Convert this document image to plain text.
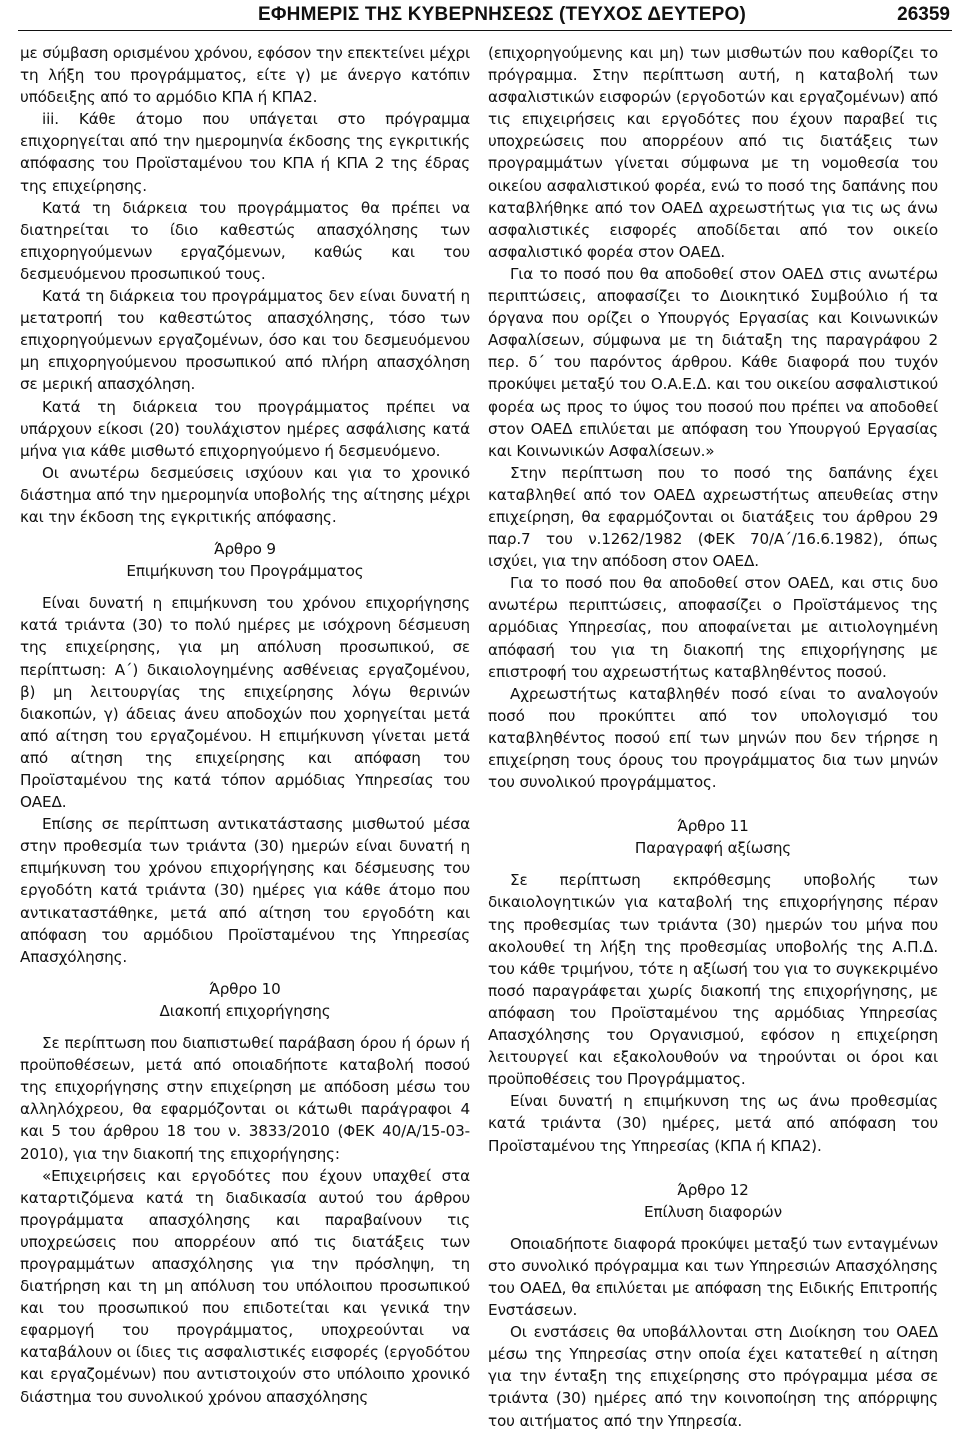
ΕΦΗΜΕΡΙΣ ΤΗΣ ΚΥΒΕΡΝΗΣΕΩΣ (ΤΕΥΧΟΣ ΔΕΥΤΕΡΟ)	26359

με σύμβαση ορισμένου χρόνου, εφόσον την επεκτείνει μέχρι τη λήξη του προγράμματος, είτε γ) με άνεργο κατόπιν υπόδειξης από το αρμόδιο ΚΠΑ ή ΚΠΑ2.

iii. Κάθε άτομο που υπάγεται στο πρόγραμμα επιχορηγείται από την ημερομηνία έκδοσης της εγκριτικής απόφασης του Προϊσταμένου του ΚΠΑ ή ΚΠΑ 2 της έδρας της επιχείρησης.

Κατά τη διάρκεια του προγράμματος θα πρέπει να διατηρείται το ίδιο καθεστώς απασχόλησης των επιχορηγούμενων εργαζόμενων, καθώς και του δεσμευόμενου προσωπικού τους.

Κατά τη διάρκεια του προγράμματος δεν είναι δυνατή η μετατροπή του καθεστώτος απασχόλησης, τόσο των επιχορηγούμενων εργαζομένων, όσο και του δεσμευόμενου μη επιχορηγούμενου προσωπικού από πλήρη απασχόληση σε μερική απασχόληση.

Κατά τη διάρκεια του προγράμματος πρέπει να υπάρχουν είκοσι (20) τουλάχιστον ημέρες ασφάλισης κατά μήνα για κάθε μισθωτό επιχορηγούμενο ή δεσμευόμενο.

Οι ανωτέρω δεσμεύσεις ισχύουν και για το χρονικό διάστημα από την ημερομηνία υποβολής της αίτησης μέχρι και την έκδοση της εγκριτικής απόφασης.

Άρθρο 9

Επιμήκυνση του Προγράμματος

Είναι δυνατή η επιμήκυνση του χρόνου επιχορήγησης κατά τριάντα (30) το πολύ ημέρες με ισόχρονη δέσμευση της επιχείρησης, για μη απόλυση προσωπικού, σε περίπτωση: Α΄) δικαιολογημένης ασθένειας εργαζομένου, β) μη λειτουργίας της επιχείρησης λόγω θερινών διακοπών, γ) άδειας άνευ αποδοχών που χορηγείται μετά από αίτηση του εργαζομένου. Η επιμήκυνση γίνεται μετά από αίτηση της επιχείρησης και απόφαση του Προϊσταμένου της κατά τόπον αρμόδιας Υπηρεσίας του ΟΑΕΔ.

Επίσης σε περίπτωση αντικατάστασης μισθωτού μέσα στην προθεσμία των τριάντα (30) ημερών είναι δυνατή η επιμήκυνση του χρόνου επιχορήγησης και δέσμευσης του εργοδότη κατά τριάντα (30) ημέρες για κάθε άτομο που αντικαταστάθηκε, μετά από αίτηση του εργοδότη και απόφαση του αρμόδιου Προϊσταμένου της Υπηρεσίας Απασχόλησης.

Άρθρο 10

Διακοπή επιχορήγησης

Σε περίπτωση που διαπιστωθεί παράβαση όρου ή όρων ή προϋποθέσεων, μετά από οποιαδήποτε καταβολή ποσού της επιχορήγησης στην επιχείρηση με απόδοση μέσω του αλληλόχρεου, θα εφαρμόζονται οι κάτωθι παράγραφοι 4 και 5 του άρθρου 18 του ν. 3833/2010 (ΦΕΚ 40/Α/15-03-2010), για την διακοπή της επιχορήγησης:

«Επιχειρήσεις και εργοδότες που έχουν υπαχθεί στα καταρτιζόμενα κατά τη διαδικασία αυτού του άρθρου προγράμματα απασχόλησης και παραβαίνουν τις υποχρεώσεις που απορρέουν από τις διατάξεις των προγραμμάτων απασχόλησης για την πρόσληψη, τη διατήρηση και τη μη απόλυση του υπόλοιπου προσωπικού και του προσωπικού που επιδοτείται και γενικά την εφαρμογή του προγράμματος, υποχρεούνται να καταβάλουν οι ίδιες τις ασφαλιστικές εισφορές (εργοδότου και εργαζομένων) που αντιστοιχούν στο υπόλοιπο χρονικό διάστημα του συνολικού χρόνου απασχόλησης

(επιχορηγούμενης και μη) των μισθωτών που καθορίζει το πρόγραμμα. Στην περίπτωση αυτή, η καταβολή των ασφαλιστικών εισφορών (εργοδοτών και εργαζομένων) από τις επιχειρήσεις και εργοδότες που έχουν παραβεί τις υποχρεώσεις που απορρέουν από τις διατάξεις των προγραμμάτων γίνεται σύμφωνα με τη νομοθεσία του οικείου ασφαλιστικού φορέα, ενώ το ποσό της δαπάνης που καταβλήθηκε από τον ΟΑΕΔ αχρεωστήτως για τις ως άνω ασφαλιστικές εισφορές αποδίδεται από τον οικείο ασφαλιστικό φορέα στον ΟΑΕΔ.

Για το ποσό που θα αποδοθεί στον ΟΑΕΔ στις ανωτέρω περιπτώσεις, αποφασίζει το Διοικητικό Συμβούλιο ή τα όργανα που ορίζει ο Υπουργός Εργασίας και Κοινωνικών Ασφαλίσεων, σύμφωνα με τη διάταξη της παραγράφου 2 περ. δ΄ του παρόντος άρθρου. Κάθε διαφορά που τυχόν προκύψει μεταξύ του Ο.Α.Ε.Δ. και του οικείου ασφαλιστικού φορέα ως προς το ύψος του ποσού που πρέπει να αποδοθεί στον ΟΑΕΔ επιλύεται με απόφαση του Υπουργού Εργασίας και Κοινωνικών Ασφαλίσεων.»

Στην περίπτωση που το ποσό της δαπάνης έχει καταβληθεί από τον ΟΑΕΔ αχρεωστήτως απευθείας στην επιχείρηση, θα εφαρμόζονται οι διατάξεις του άρθρου 29 παρ.7 του ν.1262/1982 (ΦΕΚ 70/Α΄/16.6.1982), όπως ισχύει, για την απόδοση στον ΟΑΕΔ.

Για το ποσό που θα αποδοθεί στον ΟΑΕΔ, και στις δυο ανωτέρω περιπτώσεις, αποφασίζει ο Προϊστάμενος της αρμόδιας Υπηρεσίας, που αποφαίνεται με αιτιολογημένη απόφασή του για τη διακοπή της επιχορήγησης με επιστροφή του αχρεωστήτως καταβληθέντος ποσού.

Αχρεωστήτως καταβληθέν ποσό είναι το αναλογούν ποσό που προκύπτει από τον υπολογισμό του καταβληθέντος ποσού επί των μηνών που δεν τήρησε η επιχείρηση τους όρους του προγράμματος δια των μηνών του συνολικού προγράμματος.

Άρθρο 11

Παραγραφή αξίωσης

Σε περίπτωση εκπρόθεσμης υποβολής των δικαιολογητικών για καταβολή της επιχορήγησης πέραν της προθεσμίας των τριάντα (30) ημερών του μήνα που ακολουθεί τη λήξη της προθεσμίας υποβολής της Α.Π.Δ. του κάθε τριμήνου, τότε η αξίωσή του για το συγκεκριμένο ποσό παραγράφεται χωρίς διακοπή της επιχορήγησης, με απόφαση του Προϊσταμένου της αρμόδιας Υπηρεσίας Απασχόλησης του Οργανισμού, εφόσον η επιχείρηση λειτουργεί και εξακολουθούν να τηρούνται οι όροι και προϋποθέσεις του Προγράμματος.

Είναι δυνατή η επιμήκυνση της ως άνω προθεσμίας κατά τριάντα (30) ημέρες, μετά από απόφαση του Προϊσταμένου της Υπηρεσίας (ΚΠΑ ή ΚΠΑ2).

Άρθρο 12

Επίλυση διαφορών

Οποιαδήποτε διαφορά προκύψει μεταξύ των ενταγμένων στο συνολικό πρόγραμμα και των Υπηρεσιών Απασχόλησης του ΟΑΕΔ, θα επιλύεται με απόφαση της Ειδικής Επιτροπής Ενστάσεων.

Οι ενστάσεις θα υποβάλλονται στη Διοίκηση του ΟΑΕΔ μέσω της Υπηρεσίας στην οποία έχει κατατεθεί η αίτηση για την ένταξη της επιχείρησης στο πρόγραμμα μέσα σε τριάντα (30) ημέρες από την κοινοποίηση της απόρριψης του αιτήματος από την Υπηρεσία.
